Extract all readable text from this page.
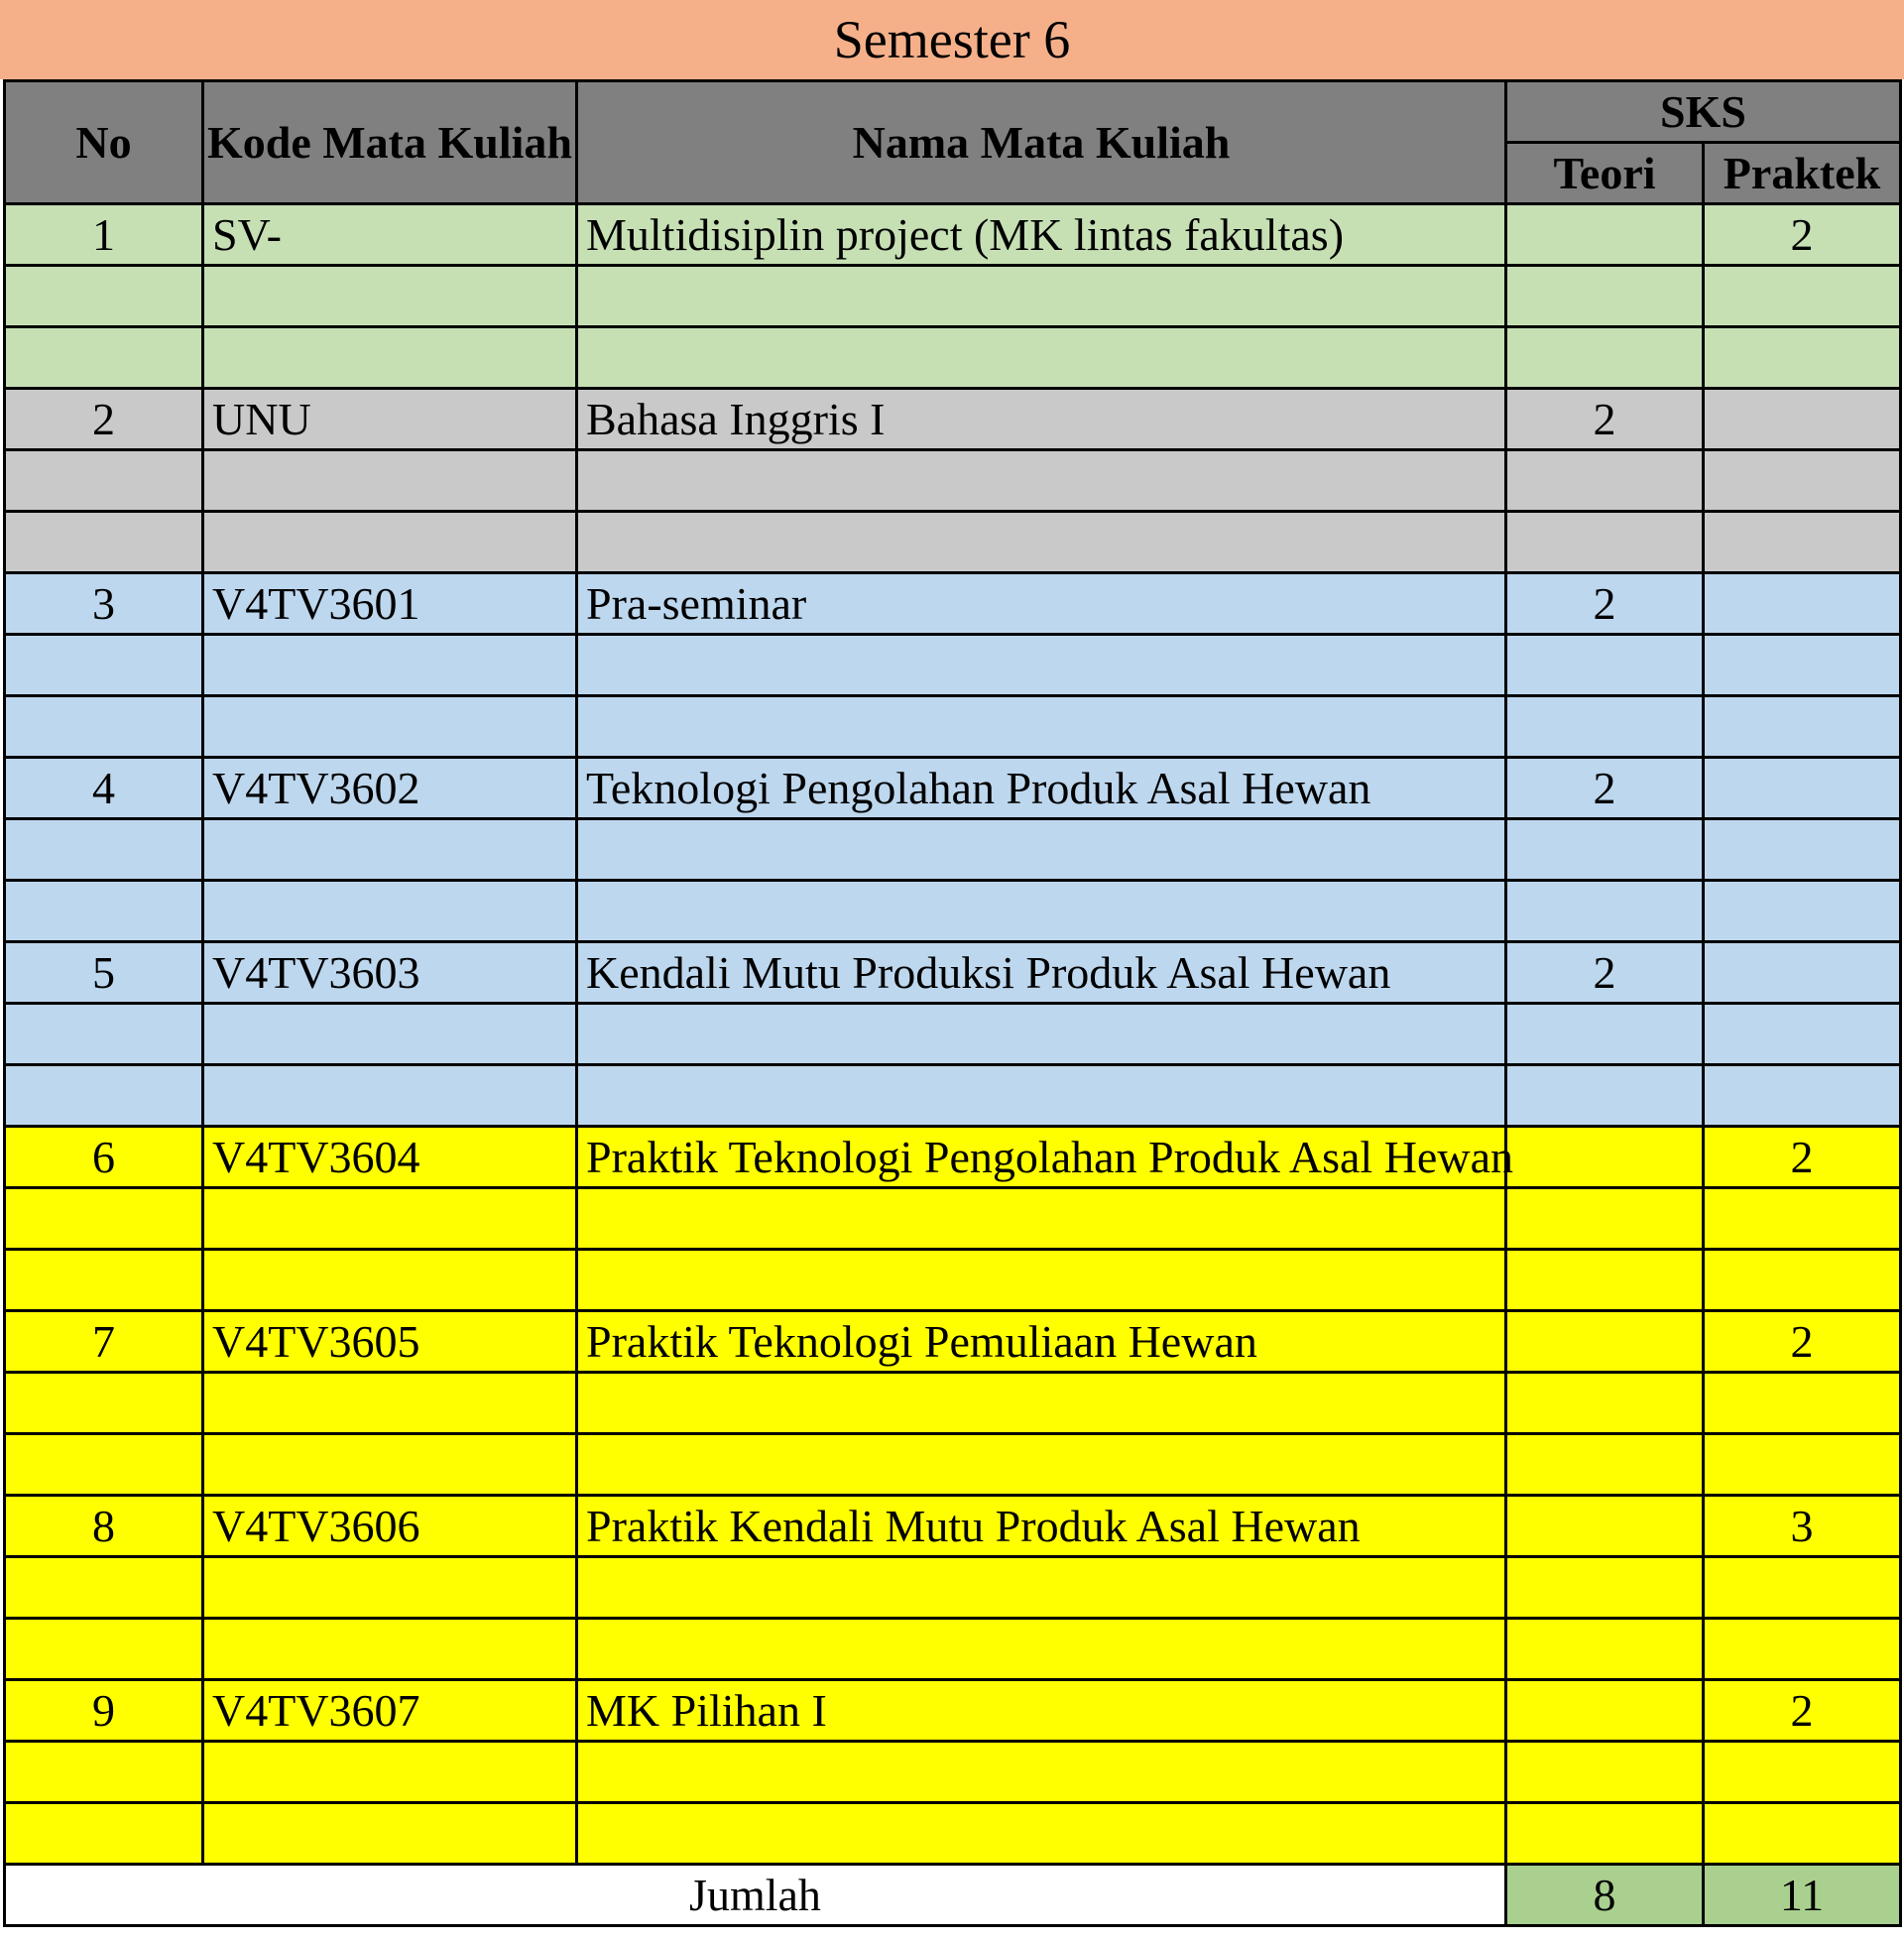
Semester 6
No	Kode Mata Kuliah	Nama Mata Kuliah	SKS	
			Teori	Praktek
1	SV-	Multidisiplin project (MK lintas fakultas)		2

2	UNU	Bahasa Inggris I	2	

3	V4TV3601	Pra-seminar	2	

4	V4TV3602	Teknologi Pengolahan Produk Asal Hewan	2	

5	V4TV3603	Kendali Mutu Produksi Produk Asal Hewan	2	

6	V4TV3604	Praktik Teknologi Pengolahan Produk Asal Hewan		2

7	V4TV3605	Praktik Teknologi Pemuliaan Hewan		2

8	V4TV3606	Praktik Kendali Mutu Produk Asal Hewan		3

9	V4TV3607	MK Pilihan I		2

Jumlah			8	11
